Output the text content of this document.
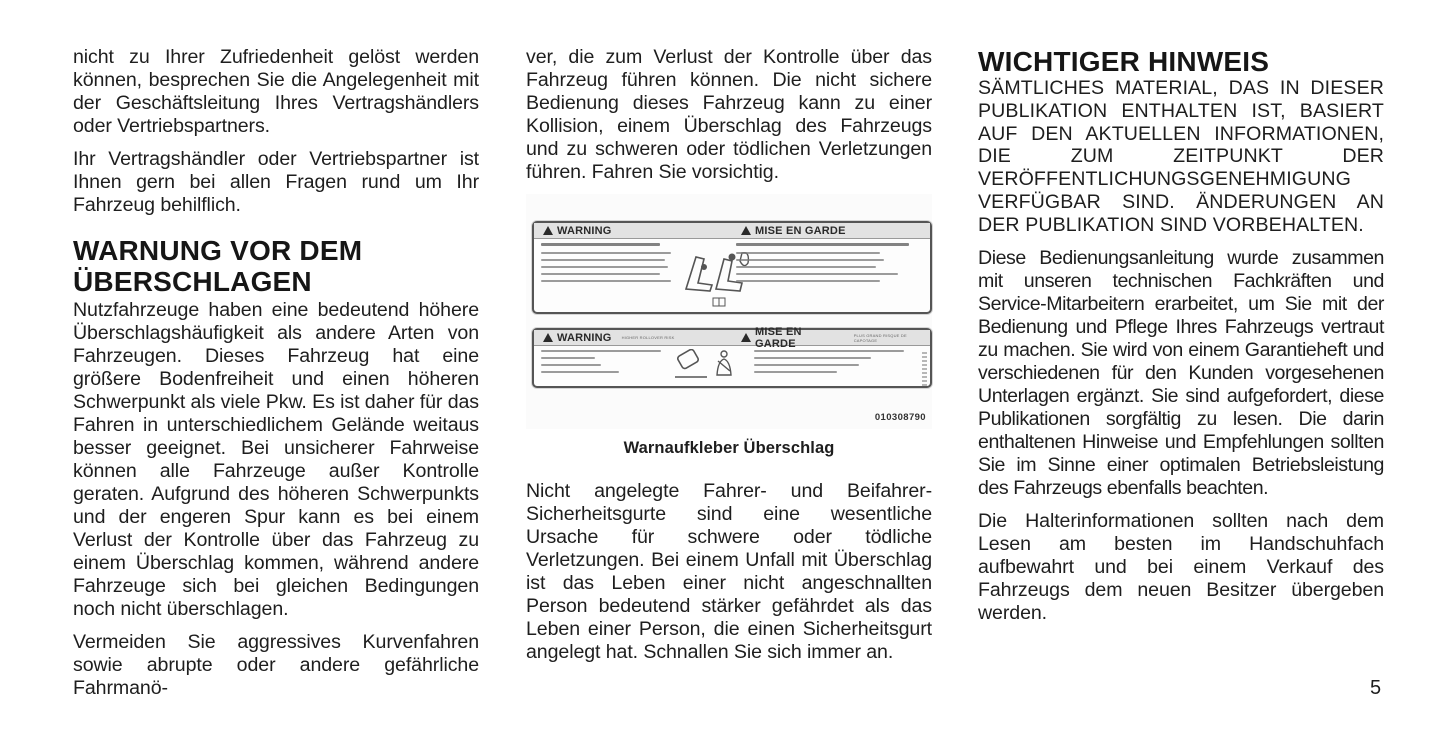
nicht zu Ihrer Zufriedenheit gelöst werden können, besprechen Sie die Angelegenheit mit der Geschäftsleitung Ihres Vertragshändlers oder Vertriebspartners.

Ihr Vertragshändler oder Vertriebspartner ist Ihnen gern bei allen Fragen rund um Ihr Fahrzeug behilflich.

WARNUNG VOR DEM
ÜBERSCHLAGEN

Nutzfahrzeuge haben eine bedeutend höhere Überschlagshäufigkeit als andere Arten von Fahrzeugen. Dieses Fahrzeug hat eine größere Bodenfreiheit und einen höheren Schwerpunkt als viele Pkw. Es ist daher für das Fahren in unterschiedlichem Gelände weitaus besser geeignet. Bei unsicherer Fahrweise können alle Fahrzeuge außer Kontrolle geraten. Aufgrund des höheren Schwerpunkts und der engeren Spur kann es bei einem Verlust der Kontrolle über das Fahrzeug zu einem Überschlag kommen, während andere Fahrzeuge sich bei gleichen Bedingungen noch nicht überschlagen.

Vermeiden Sie aggressives Kurvenfahren sowie abrupte oder andere gefährliche Fahrmanö-

ver, die zum Verlust der Kontrolle über das Fahrzeug führen können. Die nicht sichere Bedienung dieses Fahrzeug kann zu einer Kollision, einem Überschlag des Fahrzeugs und zu schweren oder tödlichen Verletzungen führen. Fahren Sie vorsichtig.

WARNING	MISE EN GARDE
WARNING	HIGHER ROLLOVER RISK	MISE EN GARDE
PLUS GRAND RISQUE DE CAPOTAGE
010308790
Warnaufkleber Überschlag

Nicht angelegte Fahrer- und Beifahrer-Sicherheitsgurte sind eine wesentliche Ursache für schwere oder tödliche Verletzungen. Bei einem Unfall mit Überschlag ist das Leben einer nicht angeschnallten Person bedeutend stärker gefährdet als das Leben einer Person, die einen Sicherheitsgurt angelegt hat. Schnallen Sie sich immer an.

WICHTIGER HINWEIS

SÄMTLICHES MATERIAL, DAS IN DIESER PUBLIKATION ENTHALTEN IST, BASIERT AUF DEN AKTUELLEN INFORMATIONEN, DIE ZUM ZEITPUNKT DER VERÖFFENTLICHUNGSGENEHMIGUNG VERFÜGBAR SIND. ÄNDERUNGEN AN DER PUBLIKATION SIND VORBEHALTEN.

Diese Bedienungsanleitung wurde zusammen mit unseren technischen Fachkräften und Service-Mitarbeitern erarbeitet, um Sie mit der Bedienung und Pflege Ihres Fahrzeugs vertraut zu machen. Sie wird von einem Garantieheft und verschiedenen für den Kunden vorgesehenen Unterlagen ergänzt. Sie sind aufgefordert, diese Publikationen sorgfältig zu lesen. Die darin enthaltenen Hinweise und Empfehlungen sollten Sie im Sinne einer optimalen Betriebsleistung des Fahrzeugs ebenfalls beachten.

Die Halterinformationen sollten nach dem Lesen am besten im Handschuhfach aufbewahrt und bei einem Verkauf des Fahrzeugs dem neuen Besitzer übergeben werden.

5
